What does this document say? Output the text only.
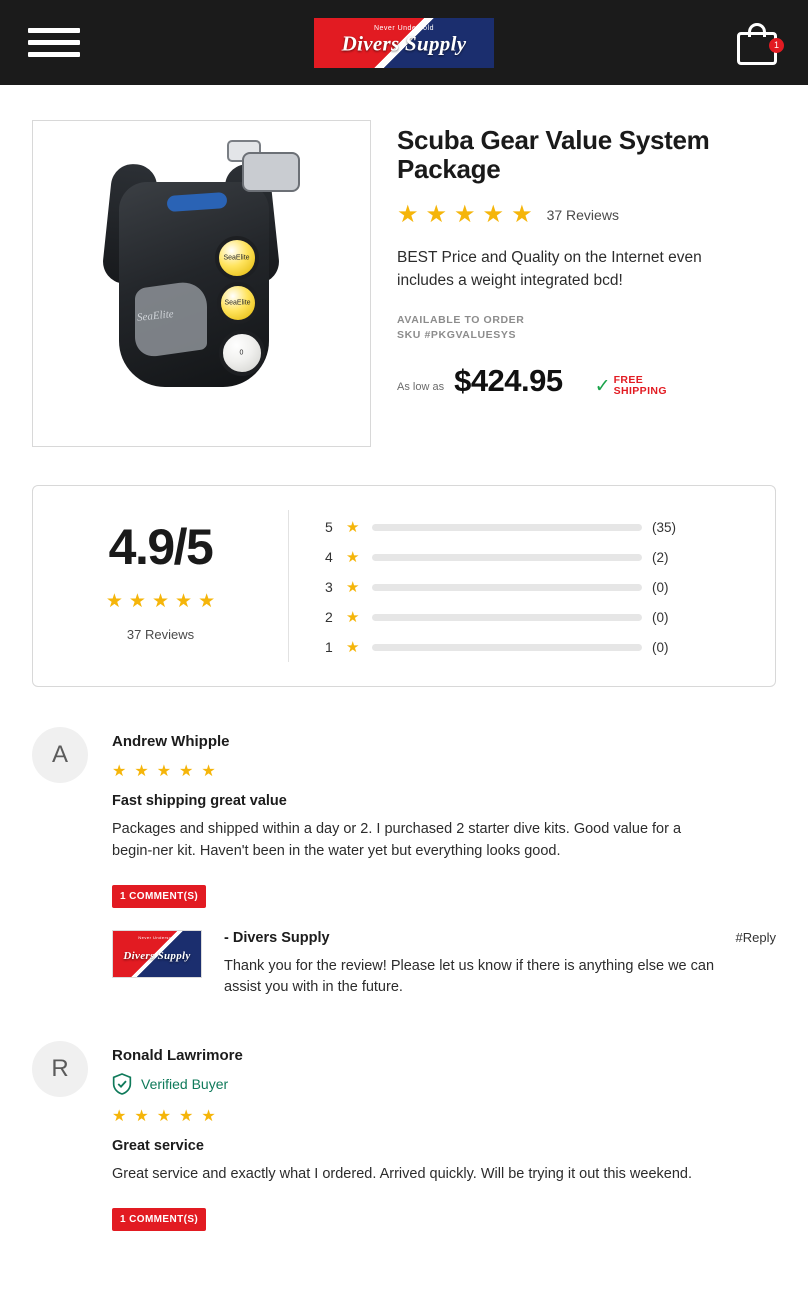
Never Undersold
Divers Supply	1
SeaElite
SeaElite
SeaElite
0
Scuba Gear Value System Package
★ ★ ★ ★ ★ 37 Reviews

BEST Price and Quality on the Internet even includes a weight integrated bcd!

AVAILABLE TO ORDER
SKU #PKGVALUESYS
As low as $424.95 ✓ FREE
SHIPPING
4.9/5
★ ★ ★ ★ ★
37 Reviews
5 ★	(35)
4 ★	(2)
3 ★	(0)
2 ★	(0)
1 ★	(0)
A	Andrew Whipple
★ ★ ★ ★ ★
Fast shipping great value
Packages and shipped within a day or 2. I purchased 2 starter dive kits. Good value for a begin-ner kit. Haven't been in the water yet but everything looks good.
1 COMMENT(S)
Never Undersold
Divers Supply
- Divers Supply	#Reply
Thank you for the review! Please let us know if there is anything else we can assist you with in the future.
R	Ronald Lawrimore
Verified Buyer
★ ★ ★ ★ ★
Great service
Great service and exactly what I ordered. Arrived quickly. Will be trying it out this weekend.
1 COMMENT(S)
